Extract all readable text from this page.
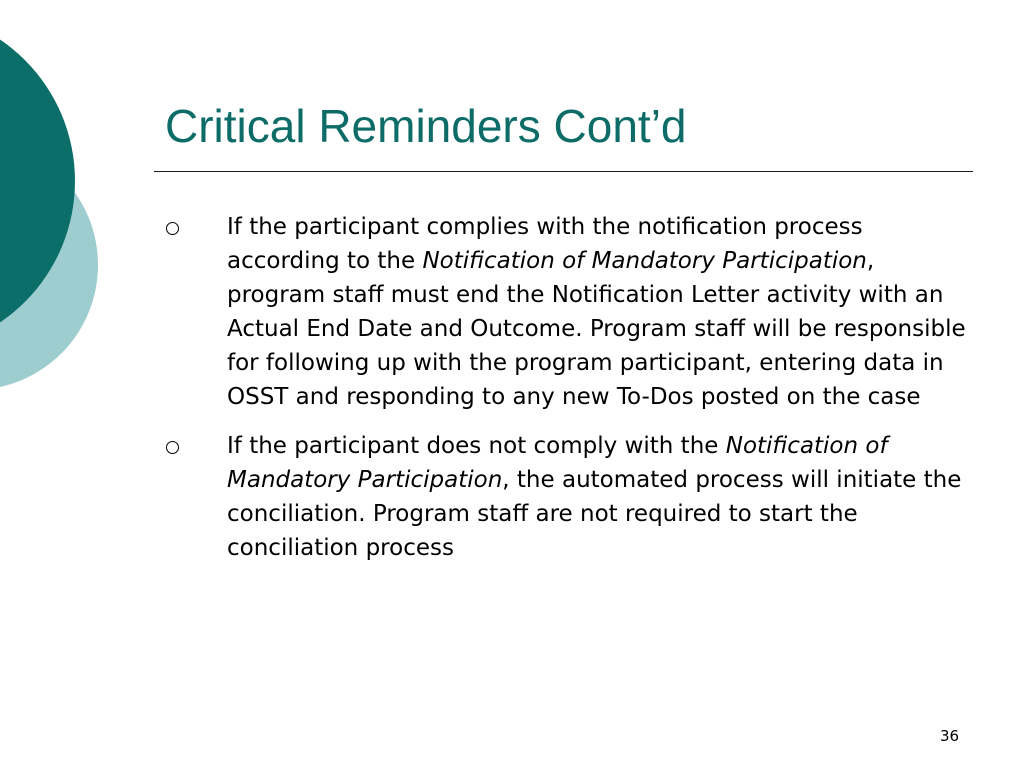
Critical Reminders Cont’d
If the participant complies with the notification process according to the Notification of Mandatory Participation, program staff must end the Notification Letter activity with an Actual End Date and Outcome. Program staff will be responsible for following up with the program participant, entering data in OSST and responding to any new To-Dos posted on the case
If the participant does not comply with the Notification of Mandatory Participation, the automated process will initiate the conciliation. Program staff are not required to start the conciliation process
36
